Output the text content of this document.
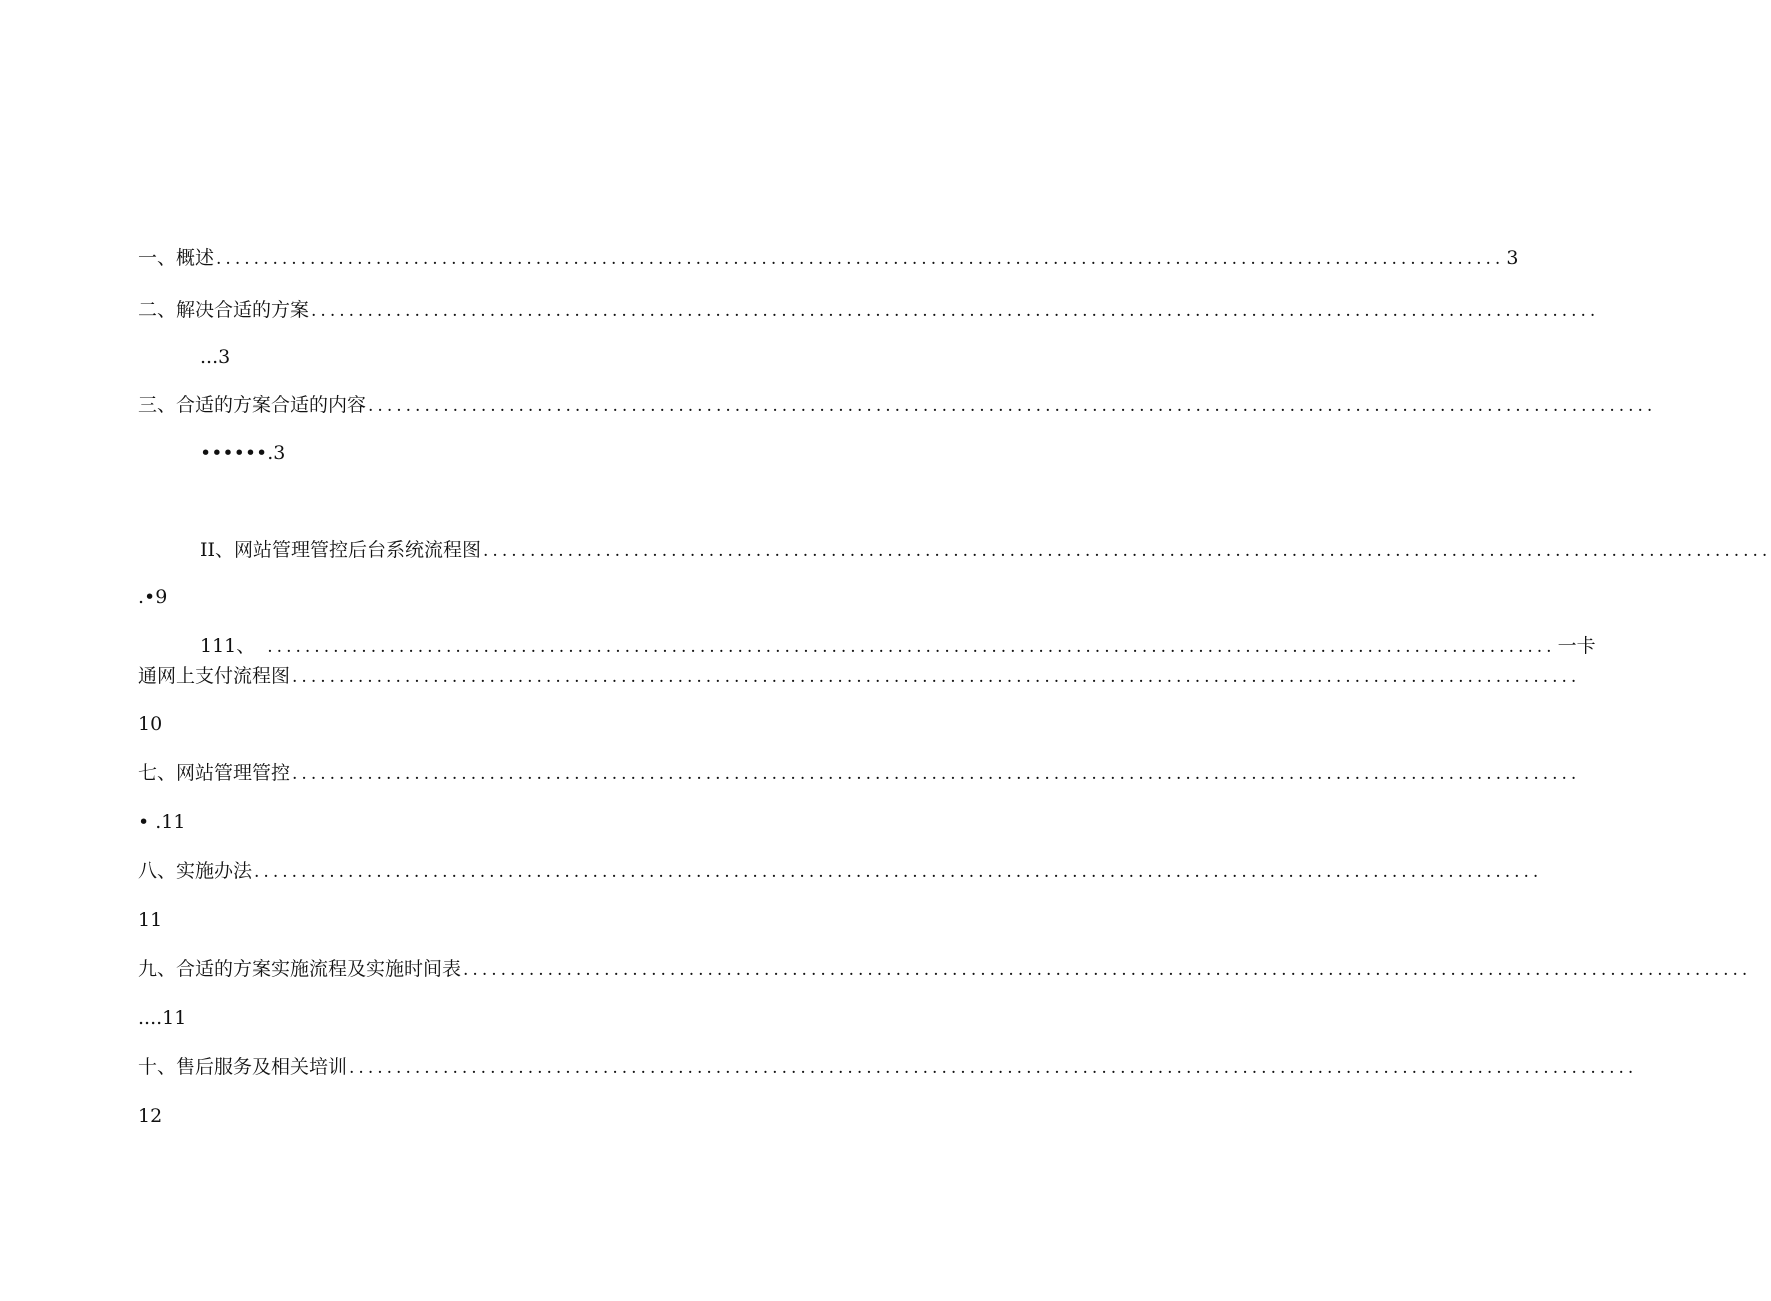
一、概述 ......................................................................................................................................... 3
二、解决合适的方案 .........................................................................................................................................
...3
三、合适的方案合适的内容 .........................................................................................................................................
••••••.3
II、网站管理管控后台系统流程图 .........................................................................................................................................
.•9
111、 ......................................................................................................................................... 一卡
通网上支付流程图 .........................................................................................................................................
10
七、网站管理管控 .........................................................................................................................................
• .11
八、实施办法 .........................................................................................................................................
11
九、合适的方案实施流程及实施时间表 .........................................................................................................................................
....11
十、售后服务及相关培训 .........................................................................................................................................
12
